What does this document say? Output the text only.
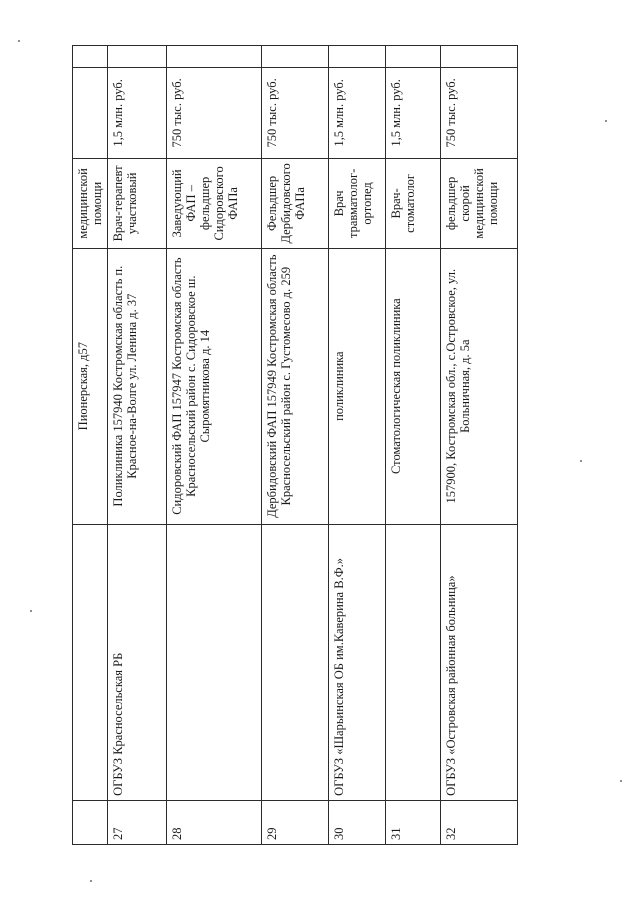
		Пионерская, д57	медицинской помощи		
27	ОГБУЗ Красносельская РБ	Поликлиника 157940 Костромская область п. Красное-на-Волге ул. Ленина д. 37	Врач-терапевт участковый	1,5 млн. руб.	
28		Сидоровский ФАП 157947 Костромская область Красносельский район с. Сидоровское ш. Сыромятникова д. 14	Заведующий ФАП – фельдшер Сидоровского ФАПа	750 тыс. руб.	
29		Дербидовский ФАП 157949 Костромская область Красносельский район с. Густомесово д. 259	Фельдшер Дербидовского ФАПа	750 тыс. руб.	
30	ОГБУЗ «Шарьинская ОБ им.Каверина В.Ф.»	поликлиника	Врач травматолог-ортопед	1,5 млн. руб.	
31		Стоматологическая поликлиника	Врач-стоматолог	1,5 млн. руб.	
32	ОГБУЗ «Островская районная больница»	157900, Костромская обл., с.Островское, ул. Больничная, д. 5а	фельдшер скорой медицинской помощи	750 тыс. руб.	
